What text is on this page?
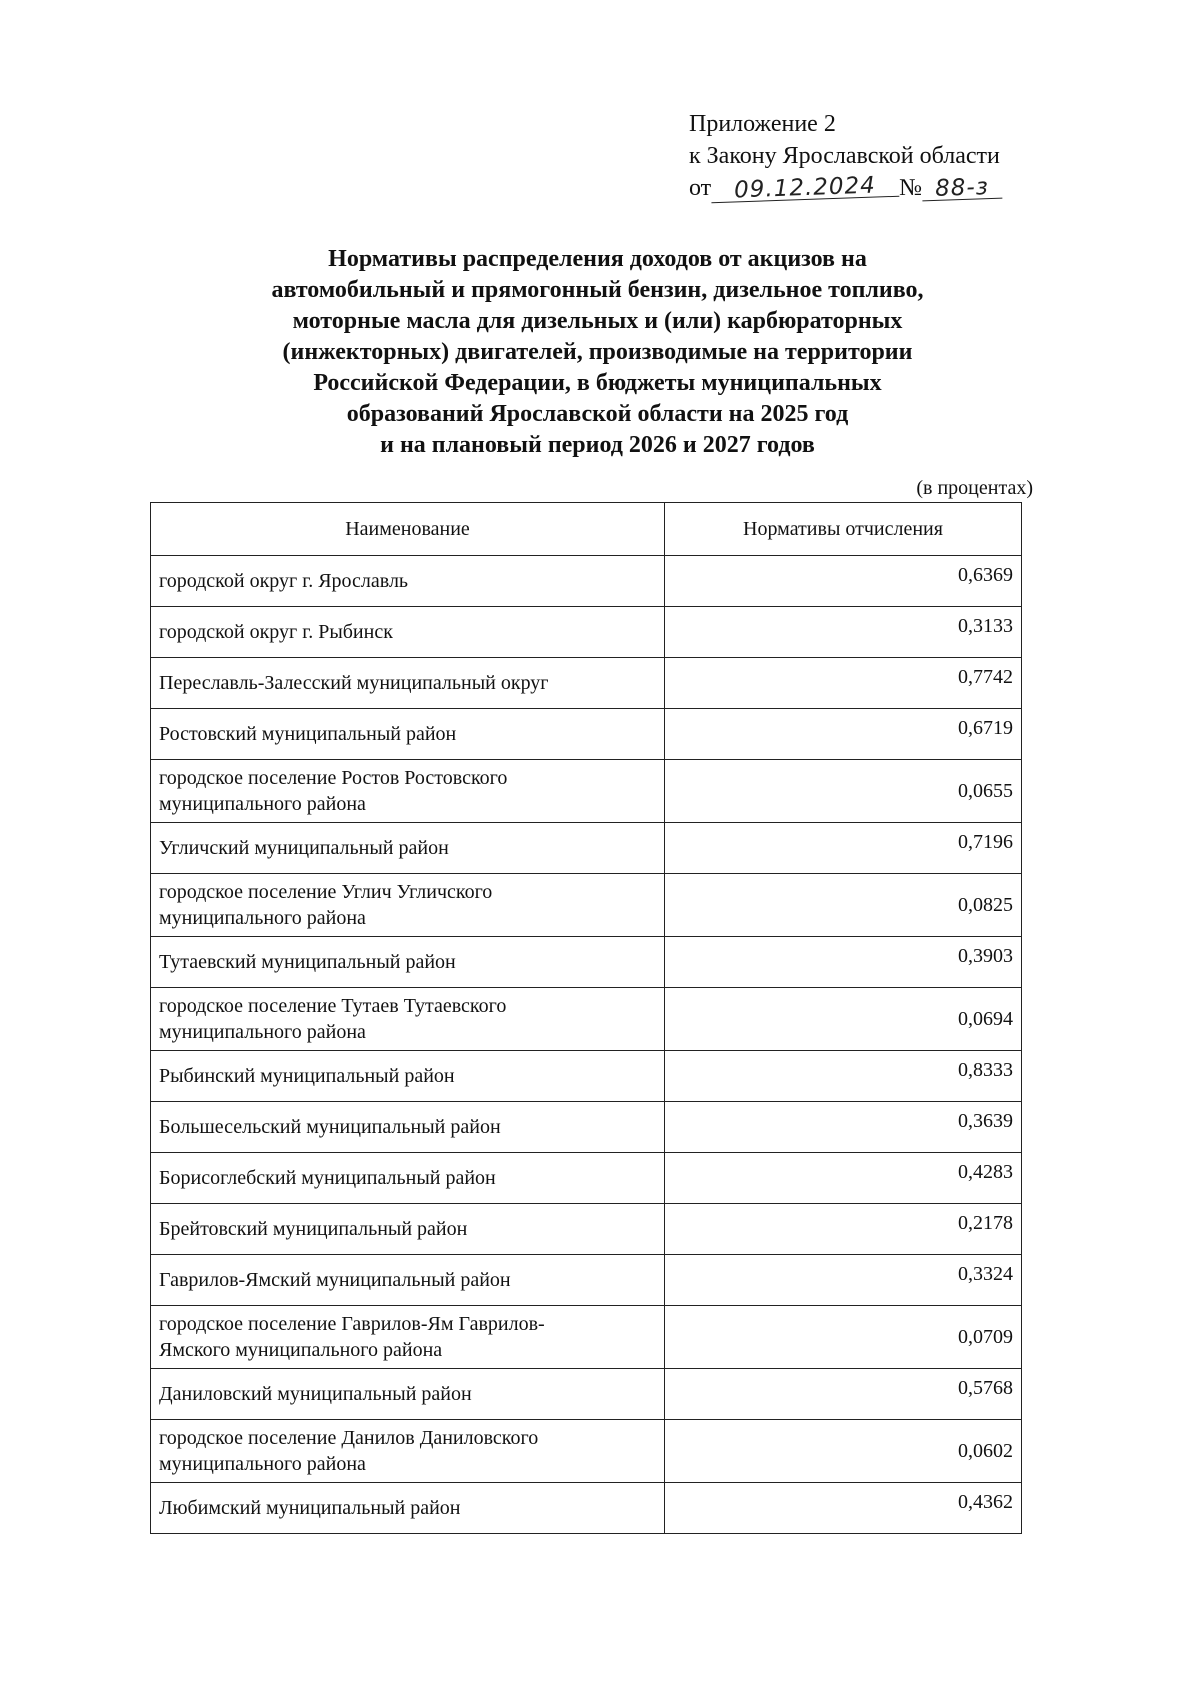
Приложение 2
к Закону Ярославской области
от 09.12.2024 № 88-з
Нормативы распределения доходов от акцизов на
автомобильный и прямогонный бензин, дизельное топливо,
моторные масла для дизельных и (или) карбюраторных
(инжекторных) двигателей, производимые на территории
Российской Федерации, в бюджеты муниципальных
образований Ярославской области на 2025 год
и на плановый период 2026 и 2027 годов
(в процентах)
Наименование	Нормативы отчисления
городской округ г. Ярославль	0,6369
городской округ г. Рыбинск	0,3133
Переславль-Залесский муниципальный округ	0,7742
Ростовский муниципальный район	0,6719
городское поселение Ростов Ростовского
муниципального района	0,0655
Угличский муниципальный район	0,7196
городское поселение Углич Угличского
муниципального района	0,0825
Тутаевский муниципальный район	0,3903
городское поселение Тутаев Тутаевского
муниципального района	0,0694
Рыбинский муниципальный район	0,8333
Большесельский муниципальный район	0,3639
Борисоглебский муниципальный район	0,4283
Брейтовский муниципальный район	0,2178
Гаврилов-Ямский муниципальный район	0,3324
городское поселение Гаврилов-Ям Гаврилов-
Ямского муниципального района	0,0709
Даниловский муниципальный район	0,5768
городское поселение Данилов Даниловского
муниципального района	0,0602
Любимский муниципальный район	0,4362
